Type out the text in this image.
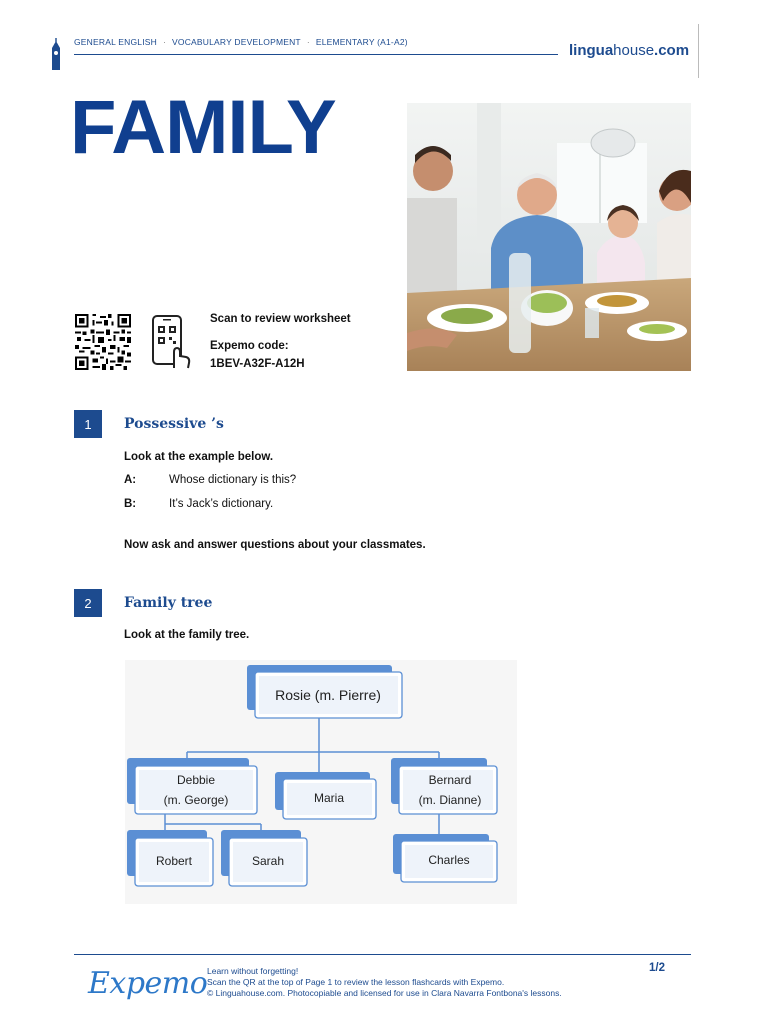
GENERAL ENGLISH · VOCABULARY DEVELOPMENT · ELEMENTARY (A1-A2)	linguahouse.com
FAMILY
Scan to review worksheet
Expemo code:
1BEV-A32F-A12H
1	Possessive ’s
Look at the example below.
A:	Whose dictionary is this?
B:	It’s Jack’s dictionary.
Now ask and answer questions about your classmates.
2	Family tree
Look at the family tree.
Rosie (m. Pierre)
Debbie
(m. George)	Maria
Bernard
(m. Dianne)
Robert	Sarah	Charles
Expemo Learn without forgetting!
Scan the QR at the top of Page 1 to review the lesson flashcards with Expemo.
© Linguahouse.com. Photocopiable and licensed for use in Clara Navarra Fontbona's lessons.
1/2
